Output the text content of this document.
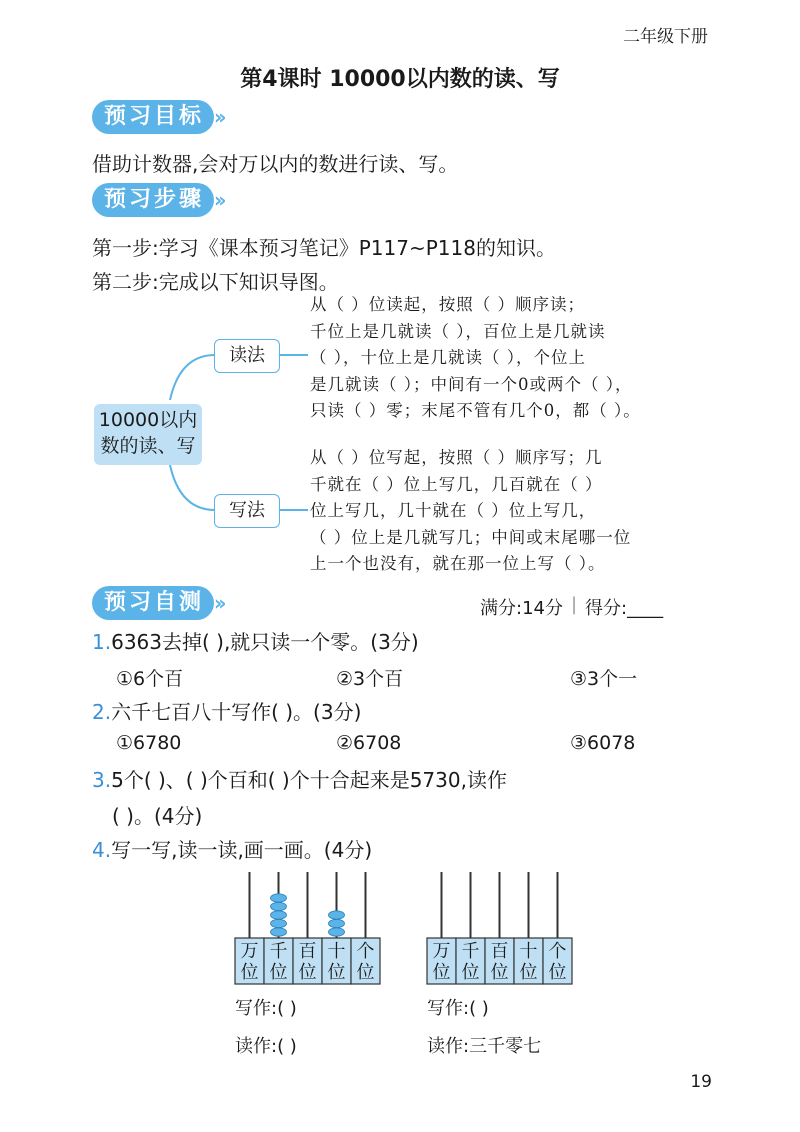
二年级下册
第4课时 10000以内数的读、写
预习目标 ››
借助计数器,会对万以内的数进行读、写。
预习步骤 ››
第一步:学习《课本预习笔记》P117~P118的知识。
第二步:完成以下知识导图。
10000以内
数的读、写
读法
写法
从（ ）位读起，按照（ ）顺序读；
千位上是几就读（ ），百位上是几就读
（ ），十位上是几就读（ ），个位上
是几就读（ ）；中间有一个0或两个（ ），
只读（ ）零；末尾不管有几个0，都（ ）。
从（ ）位写起，按照（ ）顺序写；几
千就在（ ）位上写几，几百就在（ ）
位上写几，几十就在（ ）位上写几，
（ ）位上是几就写几；中间或末尾哪一位
上一个也没有，就在那一位上写（ ）。
预习自测 ››	满分:14分 | 得分:____
1.6363去掉( ),就只读一个零。(3分)
①6个百	②3个百	③3个一
2.六千七百八十写作( )。(3分)
①6780	②6708	③6078
3.5个( )、( )个百和( )个十合起来是5730,读作
( )。(4分)
4.写一写,读一读,画一画。(4分)
万
位
千
位
百
位
十
位
个
位
万
位
千
位
百
位
十
位
个
位
写作:( )
读作:( )
写作:( )
读作:三千零七
19
